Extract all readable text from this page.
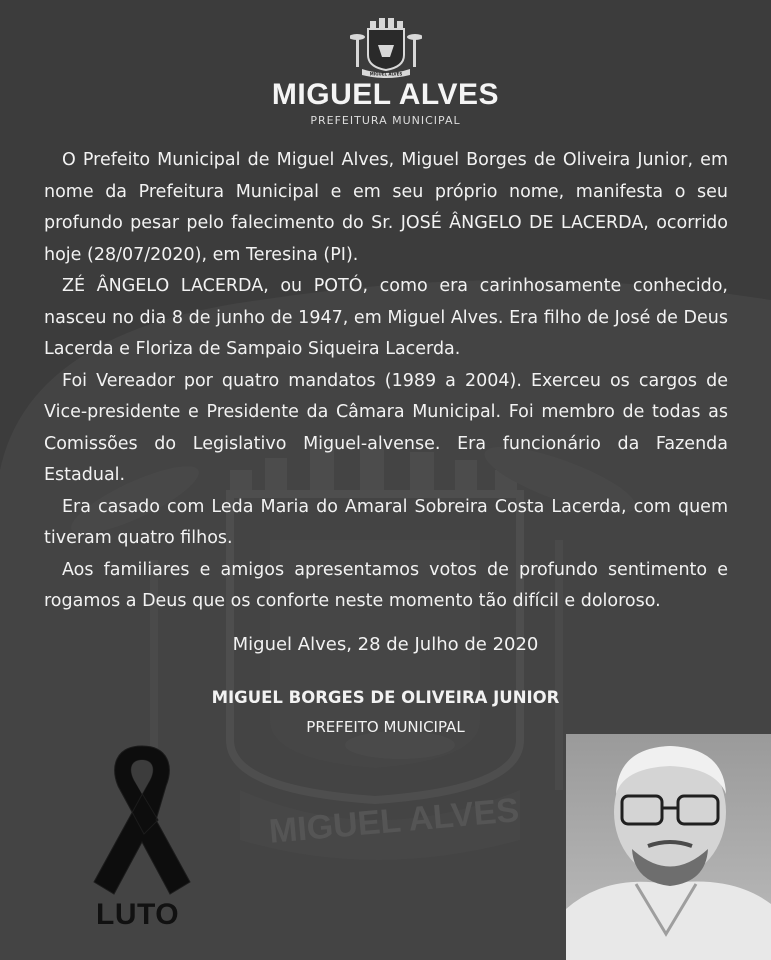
MIGUEL ALVES
MIGUEL ALVES
MIGUEL ALVES
PREFEITURA MUNICIPAL

O Prefeito Municipal de Miguel Alves, Miguel Borges de Oliveira Junior, em nome da Prefeitura Municipal e em seu próprio nome, manifesta o seu profundo pesar pelo falecimento do Sr. JOSÉ ÂNGELO DE LACERDA, ocorrido hoje (28/07/2020), em Teresina (PI).

ZÉ ÂNGELO LACERDA, ou POTÓ, como era carinhosamente conhecido, nasceu no dia 8 de junho de 1947, em Miguel Alves. Era filho de José de Deus Lacerda e Floriza de Sampaio Siqueira Lacerda.

Foi Vereador por quatro mandatos (1989 a 2004). Exerceu os cargos de Vice-presidente e Presidente da Câmara Municipal. Foi membro de todas as Comissões do Legislativo Miguel-alvense. Era funcionário da Fazenda Estadual.

Era casado com Leda Maria do Amaral Sobreira Costa Lacerda, com quem tiveram quatro filhos.

Aos familiares e amigos apresentamos votos de profundo sentimento e rogamos a Deus que os conforte neste momento tão difícil e doloroso.

Miguel Alves, 28 de Julho de 2020
MIGUEL BORGES DE OLIVEIRA JUNIOR
PREFEITO MUNICIPAL
LUTO
